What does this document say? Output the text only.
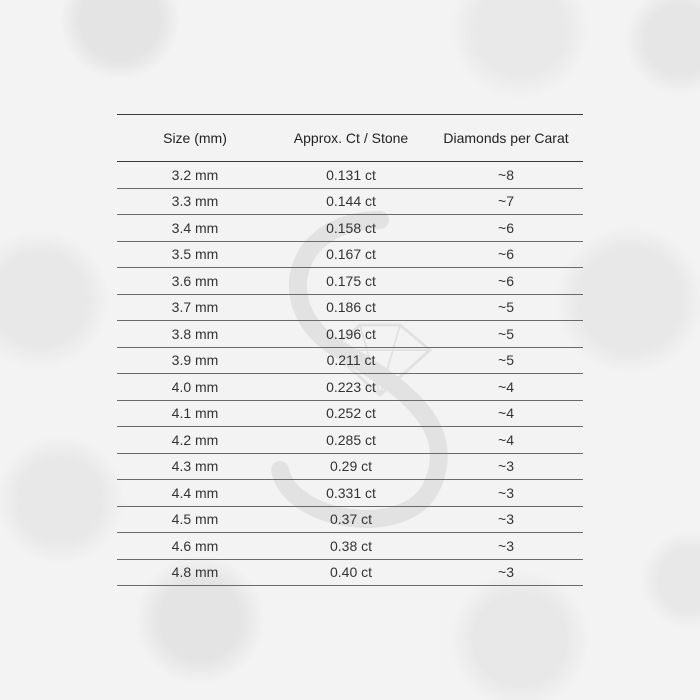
Size (mm)	Approx. Ct / Stone	Diamonds per Carat
3.2 mm	0.131 ct	~8
3.3 mm	0.144 ct	~7
3.4 mm	0.158 ct	~6
3.5 mm	0.167 ct	~6
3.6 mm	0.175 ct	~6
3.7 mm	0.186 ct	~5
3.8 mm	0.196 ct	~5
3.9 mm	0.211 ct	~5
4.0 mm	0.223 ct	~4
4.1 mm	0.252 ct	~4
4.2 mm	0.285 ct	~4
4.3 mm	0.29 ct	~3
4.4 mm	0.331 ct	~3
4.5 mm	0.37 ct	~3
4.6 mm	0.38 ct	~3
4.8 mm	0.40 ct	~3
